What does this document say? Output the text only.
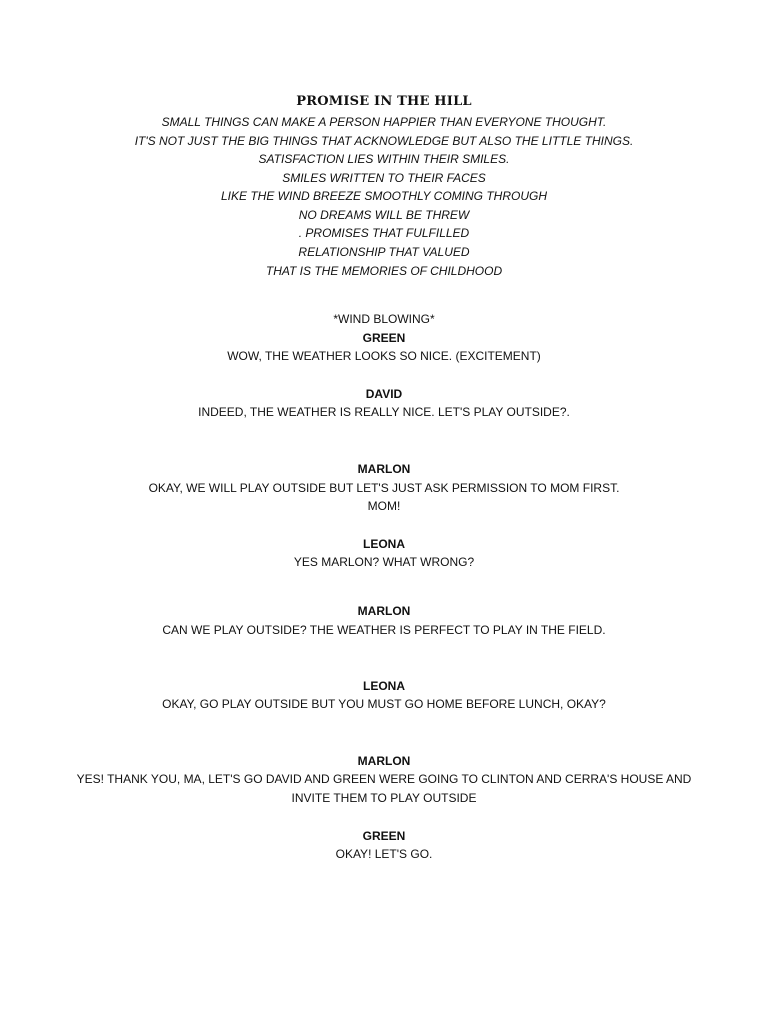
PROMISE IN THE HILL
SMALL THINGS CAN MAKE A PERSON HAPPIER THAN EVERYONE THOUGHT.
IT'S NOT JUST THE BIG THINGS THAT ACKNOWLEDGE BUT ALSO THE LITTLE THINGS.
SATISFACTION LIES WITHIN THEIR SMILES.
SMILES WRITTEN TO THEIR FACES
LIKE THE WIND BREEZE SMOOTHLY COMING THROUGH
NO DREAMS WILL BE THREW
. PROMISES THAT FULFILLED
RELATIONSHIP THAT VALUED
THAT IS THE MEMORIES OF CHILDHOOD
*WIND BLOWING*
GREEN
WOW, THE WEATHER LOOKS SO NICE. (EXCITEMENT)
DAVID
INDEED, THE WEATHER IS REALLY NICE. LET'S PLAY OUTSIDE?.
MARLON
OKAY, WE WILL PLAY OUTSIDE BUT LET'S JUST ASK PERMISSION TO MOM FIRST.
MOM!
LEONA
YES MARLON? WHAT WRONG?
MARLON
CAN WE PLAY OUTSIDE? THE WEATHER IS PERFECT TO PLAY IN THE FIELD.
LEONA
OKAY, GO PLAY OUTSIDE BUT YOU MUST GO HOME BEFORE LUNCH, OKAY?
MARLON
YES! THANK YOU, MA, LET'S GO DAVID AND GREEN WERE GOING TO CLINTON AND CERRA'S HOUSE AND
INVITE THEM TO PLAY OUTSIDE
GREEN
OKAY! LET'S GO.
